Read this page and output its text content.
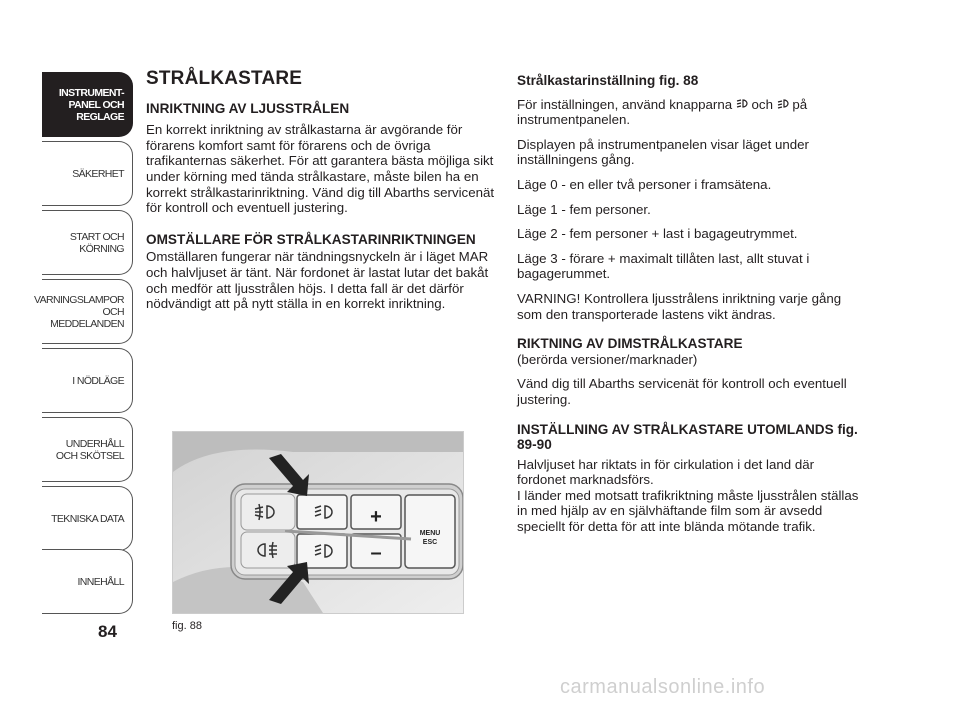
INSTRUMENT-
PANEL OCH
REGLAGE
SÄKERHET
START OCH
KÖRNING
VARNINGSLAMPOR
OCH
MEDDELANDEN
I NÖDLÄGE
UNDERHÅLL
OCH SKÖTSEL
TEKNISKA DATA
INNEHÅLL
84
STRÅLKASTARE
INRIKTNING AV LJUSSTRÅLEN

En korrekt inriktning av strålkastarna är avgörande för förarens komfort samt för förarens och de övriga trafikanternas säkerhet. För att garantera bästa möjliga sikt under körning med tända strålkastare, måste bilen ha en korrekt strålkastarinriktning. Vänd dig till Abarths servicenät för kontroll och eventuell justering.

OMSTÄLLARE FÖR STRÅLKASTARINRIKTNINGEN

Omställaren fungerar när tändningsnyckeln är i läget MAR och halvljuset är tänt. När fordonet är lastat lutar det bakåt och medför att ljusstrålen höjs. I detta fall är det därför nödvändigt att på nytt ställa in en korrekt inriktning.

+
–
MENU
ESC
fig. 88
Strålkastarinställning fig. 88

För inställningen, använd knapparna och på instrumentpanelen.

Displayen på instrumentpanelen visar läget under inställningens gång.

Läge 0 - en eller två personer i framsätena.

Läge 1 - fem personer.

Läge 2 - fem personer + last i bagageutrymmet.

Läge 3 - förare + maximalt tillåten last, allt stuvat i bagagerummet.

VARNING! Kontrollera ljusstrålens inriktning varje gång som den transporterade lastens vikt ändras.

RIKTNING AV DIMSTRÅLKASTARE

(berörda versioner/marknader)

Vänd dig till Abarths servicenät för kontroll och eventuell justering.

INSTÄLLNING AV STRÅLKASTARE UTOMLANDS fig. 89-90

Halvljuset har riktats in för cirkulation i det land där fordonet marknadsförs.

I länder med motsatt trafikriktning måste ljusstrålen ställas in med hjälp av en självhäftande film som är avsedd speciellt för detta för att inte blända mötande trafik.

carmanualsonline.info
